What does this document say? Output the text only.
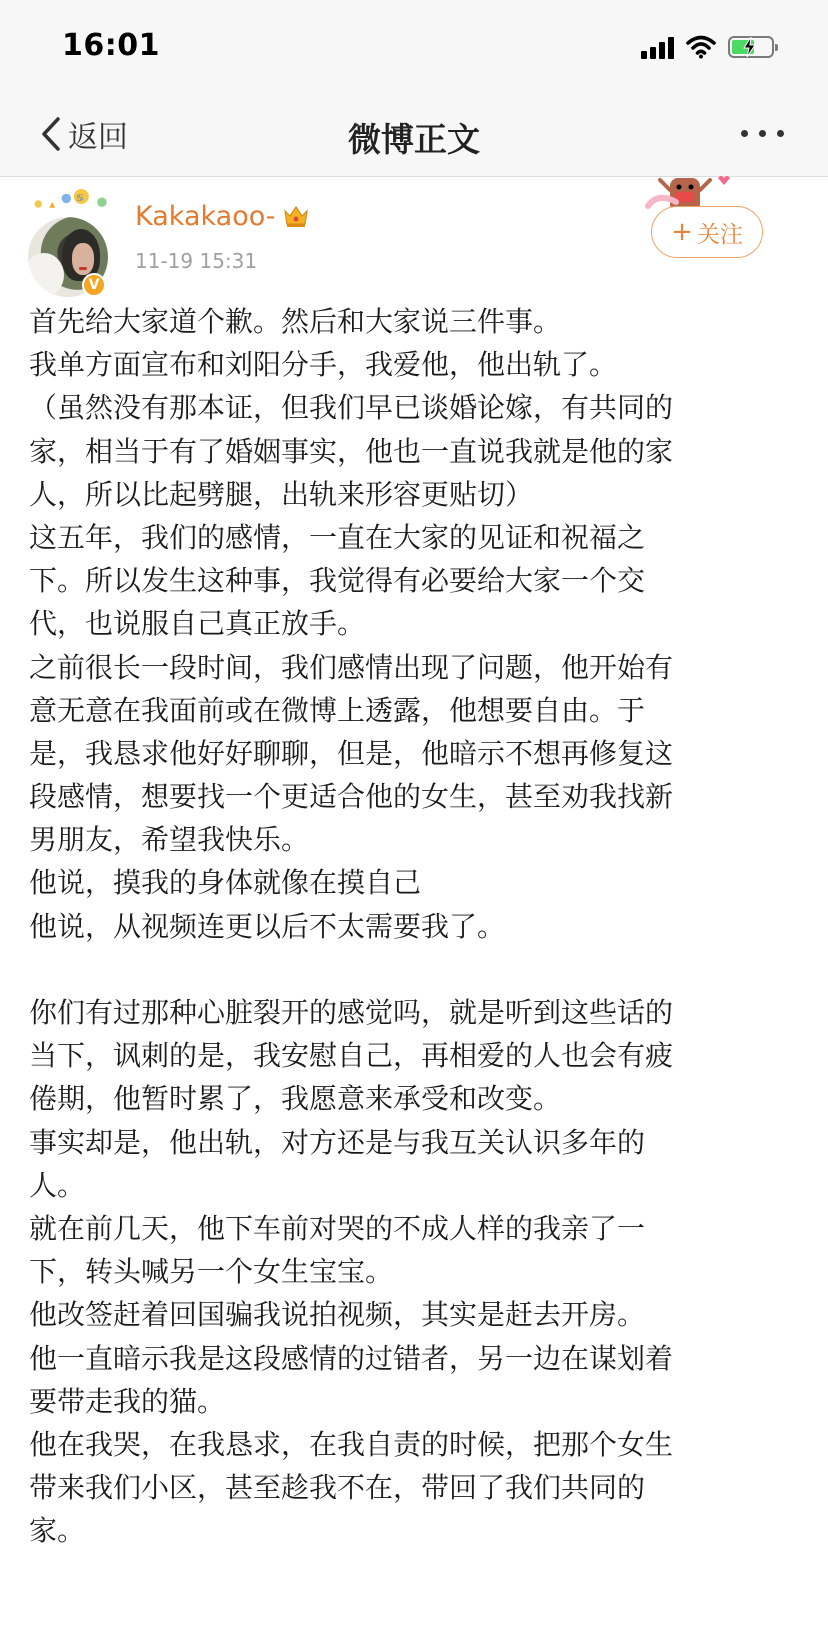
16:01
返回	微博正文
♋
V
Kakakaoo-
11-19 15:31
+ 关注
首先给大家道个歉。然后和大家说三件事。
我单方面宣布和刘阳分手，我爱他，他出轨了。
（虽然没有那本证，但我们早已谈婚论嫁，有共同的
家，相当于有了婚姻事实，他也一直说我就是他的家
人，所以比起劈腿，出轨来形容更贴切）
这五年，我们的感情，一直在大家的见证和祝福之
下。所以发生这种事，我觉得有必要给大家一个交
代，也说服自己真正放手。
之前很长一段时间，我们感情出现了问题，他开始有
意无意在我面前或在微博上透露，他想要自由。于
是，我恳求他好好聊聊，但是，他暗示不想再修复这
段感情，想要找一个更适合他的女生，甚至劝我找新
男朋友，希望我快乐。
他说，摸我的身体就像在摸自己
他说，从视频连更以后不太需要我了。
你们有过那种心脏裂开的感觉吗，就是听到这些话的
当下，讽刺的是，我安慰自己，再相爱的人也会有疲
倦期，他暂时累了，我愿意来承受和改变。
事实却是，他出轨，对方还是与我互关认识多年的
人。
就在前几天，他下车前对哭的不成人样的我亲了一
下，转头喊另一个女生宝宝。
他改签赶着回国骗我说拍视频，其实是赶去开房。
他一直暗示我是这段感情的过错者，另一边在谋划着
要带走我的猫。
他在我哭，在我恳求，在我自责的时候，把那个女生
带来我们小区，甚至趁我不在，带回了我们共同的
家。
